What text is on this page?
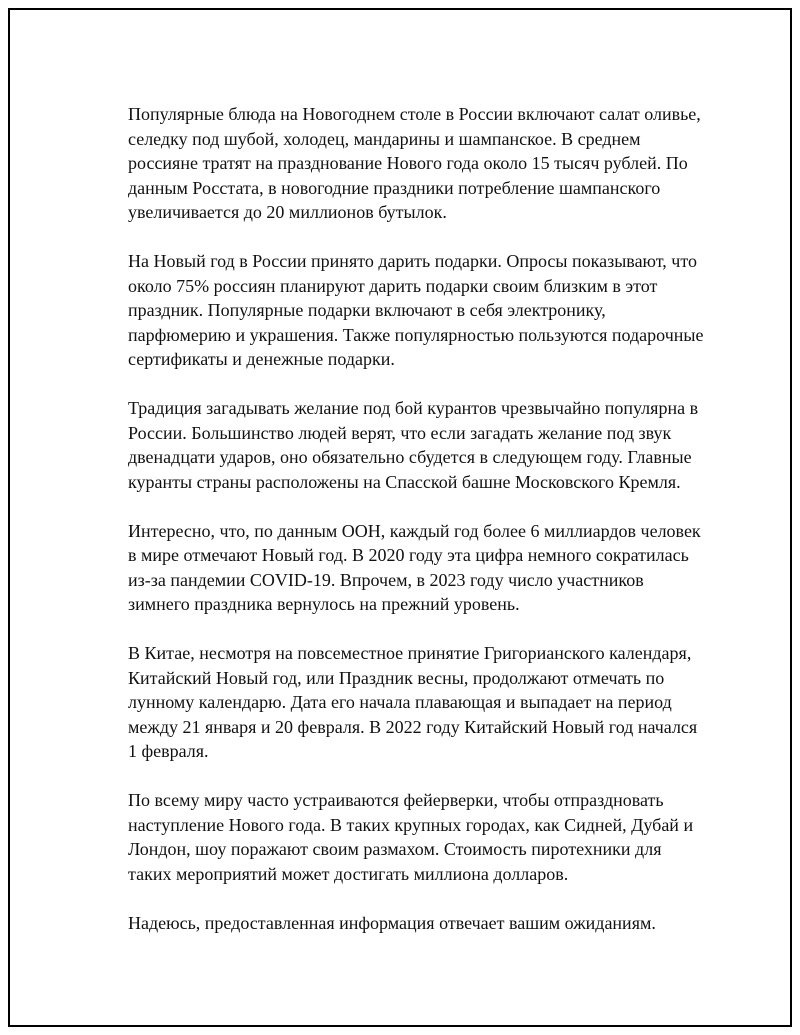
Популярные блюда на Новогоднем столе в России включают салат оливье, селедку под шубой, холодец, мандарины и шампанское. В среднем россияне тратят на празднование Нового года около 15 тысяч рублей. По данным Росстата, в новогодние праздники потребление шампанского увеличивается до 20 миллионов бутылок.

На Новый год в России принято дарить подарки. Опросы показывают, что около 75% россиян планируют дарить подарки своим близким в этот праздник. Популярные подарки включают в себя электронику, парфюмерию и украшения. Также популярностью пользуются подарочные сертификаты и денежные подарки.

Традиция загадывать желание под бой курантов чрезвычайно популярна в России. Большинство людей верят, что если загадать желание под звук двенадцати ударов, оно обязательно сбудется в следующем году. Главные куранты страны расположены на Спасской башне Московского Кремля.

Интересно, что, по данным ООН, каждый год более 6 миллиардов человек в мире отмечают Новый год. В 2020 году эта цифра немного сократилась из-за пандемии COVID-19. Впрочем, в 2023 году число участников зимнего праздника вернулось на прежний уровень.

В Китае, несмотря на повсеместное принятие Григорианского календаря, Китайский Новый год, или Праздник весны, продолжают отмечать по лунному календарю. Дата его начала плавающая и выпадает на период между 21 января и 20 февраля. В 2022 году Китайский Новый год начался 1 февраля.

По всему миру часто устраиваются фейерверки, чтобы отпраздновать наступление Нового года. В таких крупных городах, как Сидней, Дубай и Лондон, шоу поражают своим размахом. Стоимость пиротехники для таких мероприятий может достигать миллиона долларов.

Надеюсь, предоставленная информация отвечает вашим ожиданиям.
